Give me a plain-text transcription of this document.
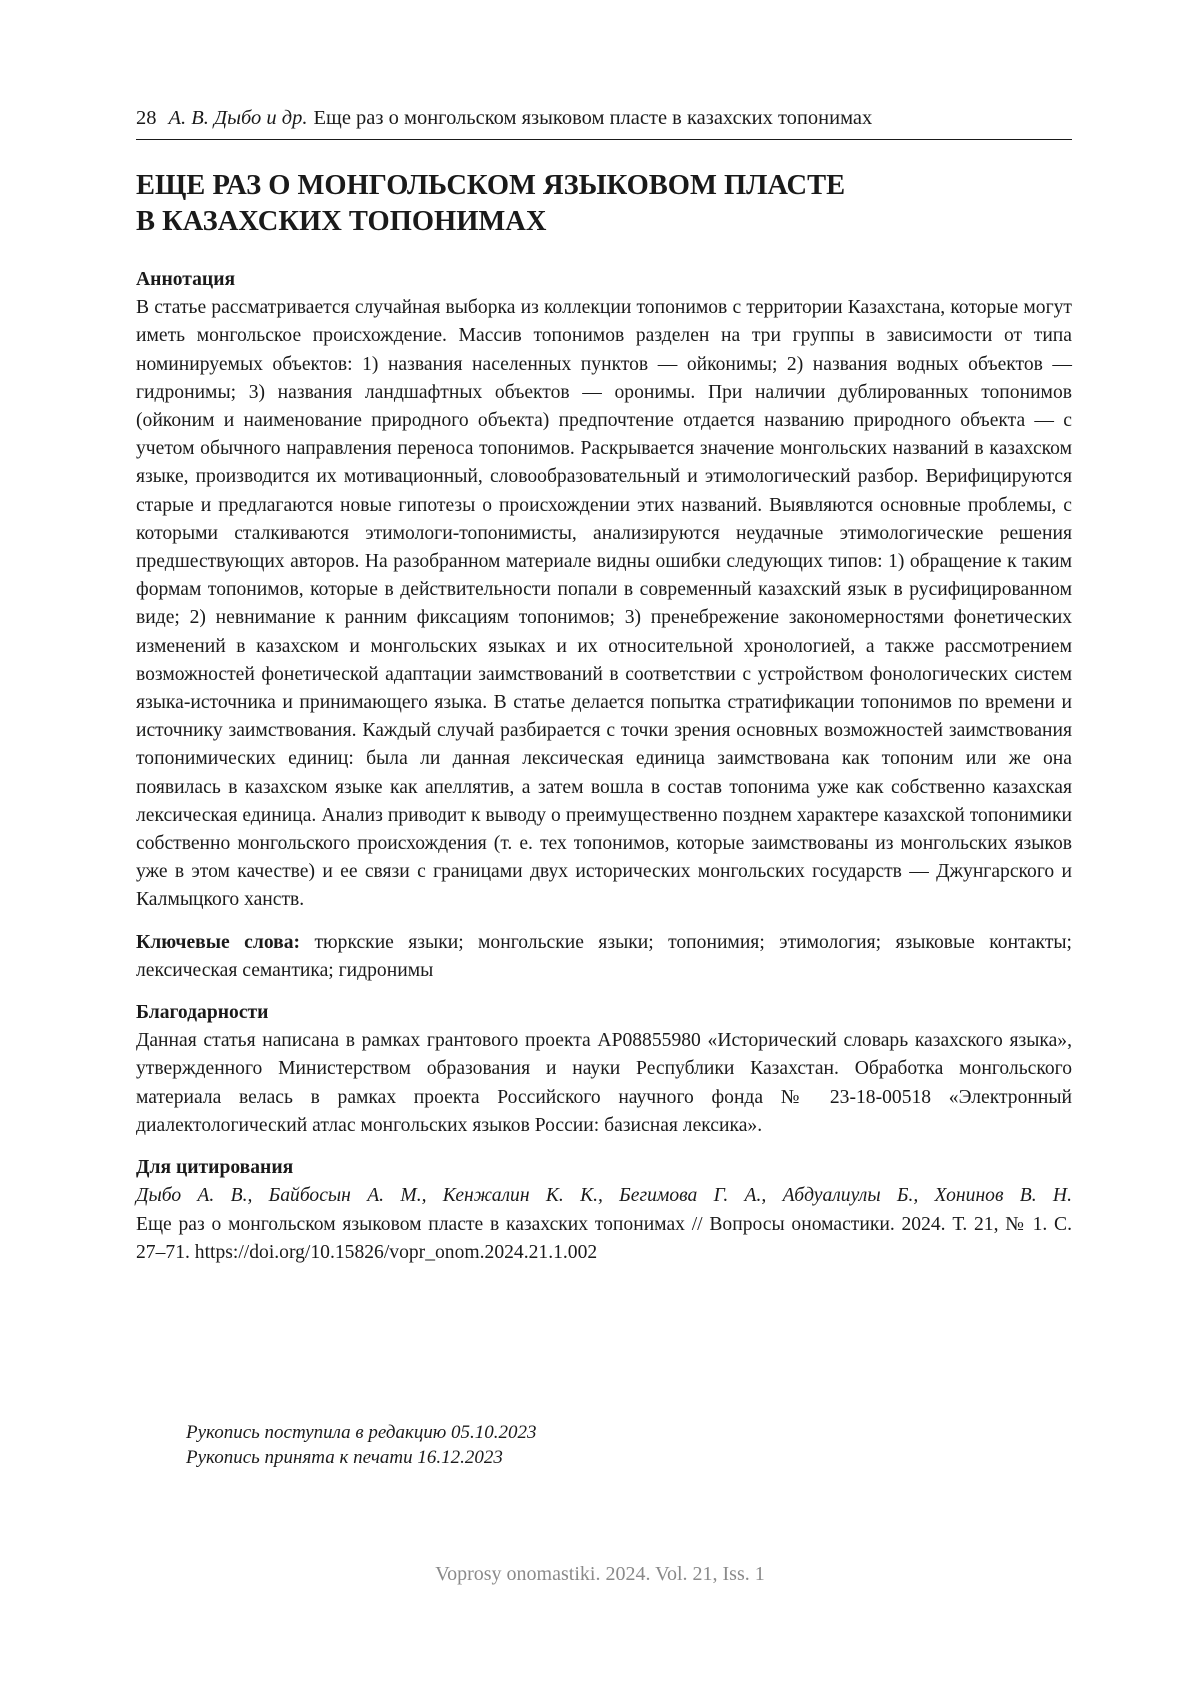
28 А. В. Дыбо и др. Еще раз о монгольском языковом пласте в казахских топонимах
ЕЩЕ РАЗ О МОНГОЛЬСКОМ ЯЗЫКОВОМ ПЛАСТЕ
В КАЗАХСКИХ ТОПОНИМАХ
Аннотация

В статье рассматривается случайная выборка из коллекции топонимов с территории Казахстана, которые могут иметь монгольское происхождение. Массив топонимов разделен на три группы в зависимости от типа номинируемых объектов: 1) названия населенных пунктов — ойконимы; 2) названия водных объектов — гидронимы; 3) названия ландшафтных объектов — оронимы. При наличии дублированных топонимов (ойконим и наименование природного объекта) предпочтение отдается названию природного объекта — с учетом обычного направления переноса топонимов. Раскрывается значение монгольских названий в казахском языке, производится их мотивационный, словообразовательный и этимологический разбор. Верифицируются старые и предлагаются новые гипотезы о происхождении этих названий. Выявляются основные проблемы, с которыми сталкиваются этимологи-топонимисты, анализируются неудачные этимологические решения предшествующих авторов. На разобранном материале видны ошибки следующих типов: 1) обращение к таким формам топонимов, которые в действительности попали в современный казахский язык в русифицированном виде; 2) невнимание к ранним фиксациям топонимов; 3) пренебрежение закономерностями фонетических изменений в казахском и монгольских языках и их относительной хронологией, а также рассмотрением возможностей фонетической адаптации заимствований в соответствии с устройством фонологических систем языка-источника и принимающего языка. В статье делается попытка стратификации топонимов по времени и источнику заимствования. Каждый случай разбирается с точки зрения основных возможностей заимствования топонимических единиц: была ли данная лексическая единица заимствована как топоним или же она появилась в казахском языке как апеллятив, а затем вошла в состав топонима уже как собственно казахская лексическая единица. Анализ приводит к выводу о преимущественно позднем характере казахской топонимики собственно монгольского происхождения (т. е. тех топонимов, которые заимствованы из монгольских языков уже в этом качестве) и ее связи с границами двух исторических монгольских государств — Джунгарского и Калмыцкого ханств.

Ключевые слова: тюркские языки; монгольские языки; топонимия; этимология; языковые контакты; лексическая семантика; гидронимы

Благодарности

Данная статья написана в рамках грантового проекта AP08855980 «Исторический словарь казахского языка», утвержденного Министерством образования и науки Республики Казахстан. Обработка монгольского материала велась в рамках проекта Российского научного фонда № 23-18-00518 «Электронный диалектологический атлас монгольских языков России: базисная лексика».

Для цитирования
Дыбо А. В., Байбосын А. М., Кенжалин К. К., Бегимова Г. А., Абдуалиулы Б., Хонинов В. Н.

Еще раз о монгольском языковом пласте в казахских топонимах // Вопросы ономастики. 2024. Т. 21, № 1. С. 27–71. https://doi.org/10.15826/vopr_onom.2024.21.1.002

Рукопись поступила в редакцию 05.10.2023
Рукопись принята к печати 16.12.2023
Voprosy onomastiki. 2024. Vol. 21, Iss. 1
